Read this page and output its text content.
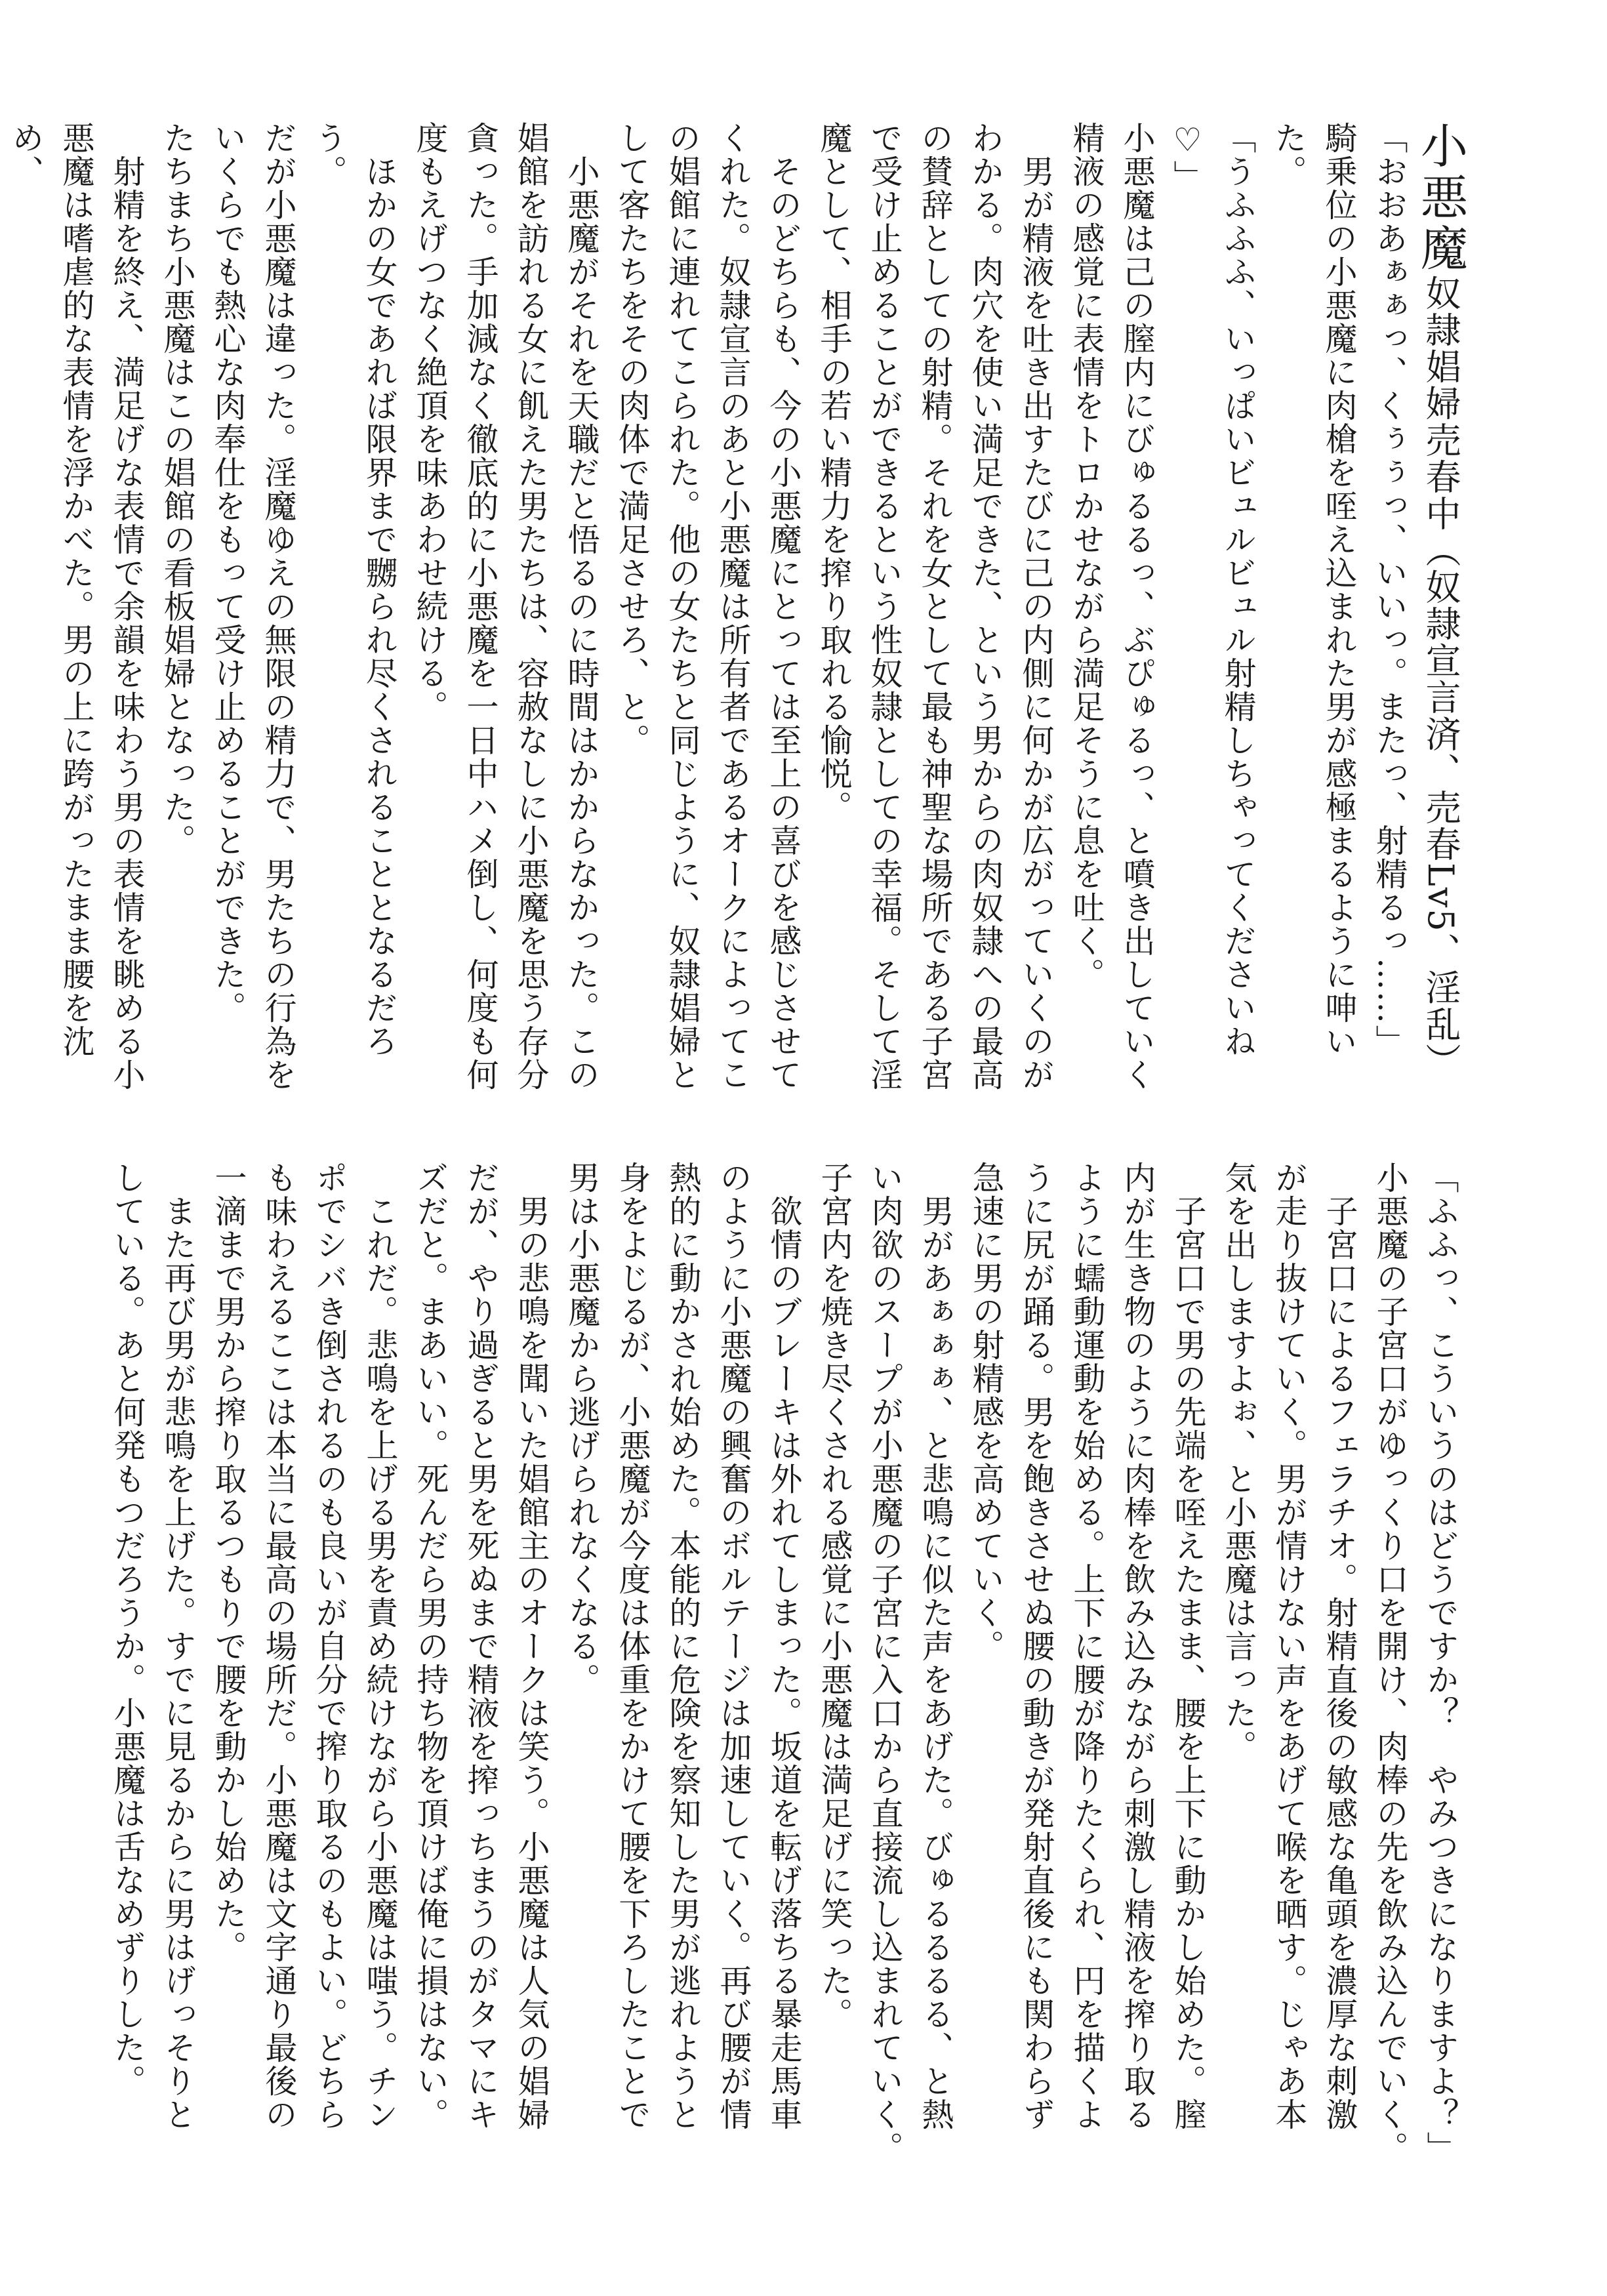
小悪魔奴隷娼婦売春中（奴隷宣言済、売春Lv5、淫乱）

「おおあぁぁっ、くぅぅっ、いいっ。またっ、射精るっ……」

騎乗位の小悪魔に肉槍を咥え込まれた男が感極まるように呻いた。

「うふふふ、いっぱいビュルビュル射精しちゃってくださいね♡」

小悪魔は己の膣内にびゅるるっ、ぶぴゅるっ、と噴き出していく

精液の感覚に表情をトロかせながら満足そうに息を吐く。

　男が精液を吐き出すたびに己の内側に何かが広がっていくのが

わかる。肉穴を使い満足できた、という男からの肉奴隷への最高

の賛辞としての射精。それを女として最も神聖な場所である子宮

で受け止めることができるという性奴隷としての幸福。そして淫

魔として、相手の若い精力を搾り取れる愉悦。

　そのどちらも、今の小悪魔にとっては至上の喜びを感じさせて

くれた。奴隷宣言のあと小悪魔は所有者であるオークによってこ

の娼館に連れてこられた。他の女たちと同じように、奴隷娼婦と

して客たちをその肉体で満足させろ、と。

　小悪魔がそれを天職だと悟るのに時間はかからなかった。この

娼館を訪れる女に飢えた男たちは、容赦なしに小悪魔を思う存分

貪った。手加減なく徹底的に小悪魔を一日中ハメ倒し、何度も何

度もえげつなく絶頂を味あわせ続ける。

　ほかの女であれば限界まで嬲られ尽くされることとなるだろう。

だが小悪魔は違った。淫魔ゆえの無限の精力で、男たちの行為を

いくらでも熱心な肉奉仕をもって受け止めることができた。

たちまち小悪魔はこの娼館の看板娼婦となった。

　射精を終え、満足げな表情で余韻を味わう男の表情を眺める小

悪魔は嗜虐的な表情を浮かべた。男の上に跨がったまま腰を沈め、

「ふふっ、こういうのはどうですか？　やみつきになりますよ？」

小悪魔の子宮口がゆっくり口を開け、肉棒の先を飲み込んでいく。

　子宮口によるフェラチオ。射精直後の敏感な亀頭を濃厚な刺激

が走り抜けていく。男が情けない声をあげて喉を晒す。じゃあ本

気を出しますよぉ、と小悪魔は言った。

　子宮口で男の先端を咥えたまま、腰を上下に動かし始めた。膣

内が生き物のように肉棒を飲み込みながら刺激し精液を搾り取る

ように蠕動運動を始める。上下に腰が降りたくられ、円を描くよ

うに尻が踊る。男を飽きさせぬ腰の動きが発射直後にも関わらず

急速に男の射精感を高めていく。

　男があぁぁぁ、と悲鳴に似た声をあげた。びゅるるるる、と熱

い肉欲のスープが小悪魔の子宮に入口から直接流し込まれていく。

子宮内を焼き尽くされる感覚に小悪魔は満足げに笑った。

　欲情のブレーキは外れてしまった。坂道を転げ落ちる暴走馬車

のように小悪魔の興奮のボルテージは加速していく。再び腰が情

熱的に動かされ始めた。本能的に危険を察知した男が逃れようと

身をよじるが、小悪魔が今度は体重をかけて腰を下ろしたことで

男は小悪魔から逃げられなくなる。

　男の悲鳴を聞いた娼館主のオークは笑う。小悪魔は人気の娼婦

だが、やり過ぎると男を死ぬまで精液を搾っちまうのがタマにキ

ズだと。まあいい。死んだら男の持ち物を頂けば俺に損はない。

　これだ。悲鳴を上げる男を責め続けながら小悪魔は嗤う。チン

ポでシバき倒されるのも良いが自分で搾り取るのもよい。どちら

も味わえるここは本当に最高の場所だ。小悪魔は文字通り最後の

一滴まで男から搾り取るつもりで腰を動かし始めた。

　また再び男が悲鳴を上げた。すでに見るからに男はげっそりと

している。あと何発もつだろうか。小悪魔は舌なめずりした。
